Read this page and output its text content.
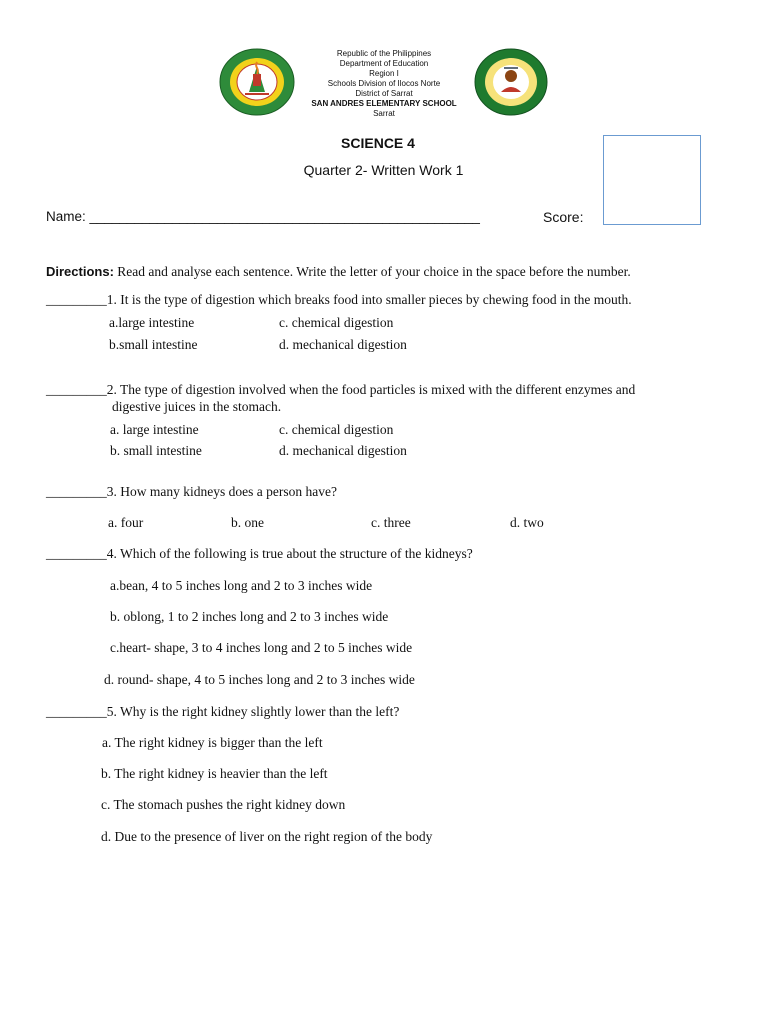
Republic of the Philippines
Department of Education
Region I
Schools Division of Ilocos Norte
District of Sarrat
SAN ANDRES ELEMENTARY SCHOOL
Sarrat
SCIENCE 4
Quarter 2- Written Work 1
Name: ____________________________________________________	Score:
Directions: Read and analyse each sentence. Write the letter of your choice in the space before the number.
_________1. It is the type of digestion which breaks food into smaller pieces by chewing food in the mouth.
a.large intestine	c. chemical digestion
b.small intestine	d. mechanical digestion
_________2. The type of digestion involved when the food particles is mixed with the different enzymes and
digestive juices in the stomach.
a. large intestine	c. chemical digestion
b. small intestine	d. mechanical digestion
_________3. How many kidneys does a person have?
a. four	b. one	c. three	d. two
_________4. Which of the following is true about the structure of the kidneys?
a.bean, 4 to 5 inches long and 2 to 3 inches wide
b. oblong, 1 to 2 inches long and 2 to 3 inches wide
c.heart- shape, 3 to 4 inches long and 2 to 5 inches wide
d. round- shape, 4 to 5 inches long and 2 to 3 inches wide
_________5. Why is the right kidney slightly lower than the left?
a. The right kidney is bigger than the left
b. The right kidney is heavier than the left
c. The stomach pushes the right kidney down
d. Due to the presence of liver on the right region of the body
